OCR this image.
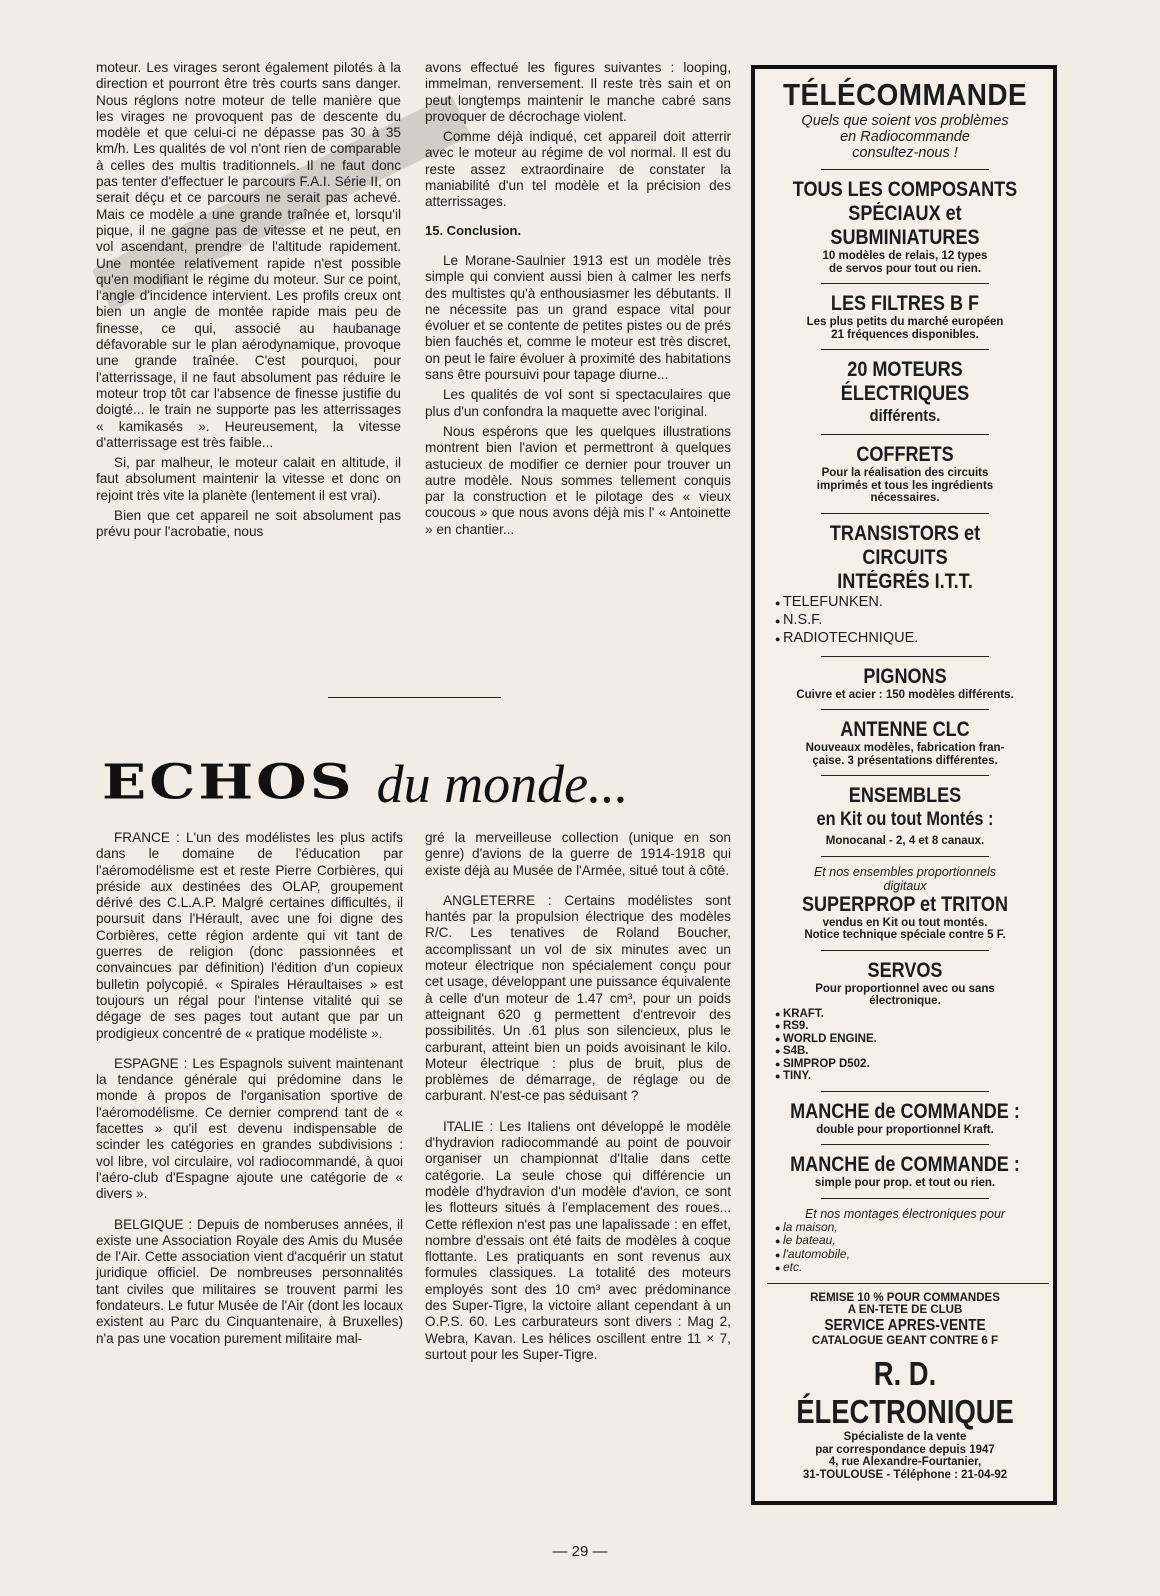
moteur. Les virages seront également pilotés à la direction et pourront être très courts sans danger. Nous réglons notre moteur de telle manière que les virages ne provoquent pas de descente du modèle et que celui-ci ne dépasse pas 30 à 35 km/h. Les qualités de vol n'ont rien de comparable à celles des multis traditionnels. Il ne faut donc pas tenter d'effectuer le parcours F.A.I. Série II, on serait déçu et ce parcours ne serait pas achevé. Mais ce modèle a une grande traînée et, lorsqu'il pique, il ne gagne pas de vitesse et ne peut, en vol ascendant, prendre de l'altitude rapidement. Une montée relativement rapide n'est possible qu'en modifiant le régime du moteur. Sur ce point, l'angle d'incidence intervient. Les profils creux ont bien un angle de montée rapide mais peu de finesse, ce qui, associé au haubanage défavorable sur le plan aérodynamique, provoque une grande traînée. C'est pourquoi, pour l'atterrissage, il ne faut absolument pas réduire le moteur trop tôt car l'absence de finesse justifie du doigté... le train ne supporte pas les atterrissages « kamikasés ». Heureusement, la vitesse d'atterrissage est très faible...

Si, par malheur, le moteur calait en altitude, il faut absolument maintenir la vitesse et donc on rejoint très vite la planète (lentement il est vrai).

Bien que cet appareil ne soit absolument pas prévu pour l'acrobatie, nous

avons effectué les figures suivantes : looping, immelman, renversement. Il reste très sain et on peut longtemps maintenir le manche cabré sans provoquer de décrochage violent.

Comme déjà indiqué, cet appareil doit atterrir avec le moteur au régime de vol normal. Il est du reste assez extraordinaire de constater la maniabilité d'un tel modèle et la précision des atterrissages.

15. Conclusion.

Le Morane-Saulnier 1913 est un modèle très simple qui convient aussi bien à calmer les nerfs des multistes qu'à enthousiasmer les débutants. Il ne nécessite pas un grand espace vital pour évoluer et se contente de petites pistes ou de prés bien fauchés et, comme le moteur est très discret, on peut le faire évoluer à proximité des habitations sans être poursuivi pour tapage diurne...

Les qualités de vol sont si spectaculaires que plus d'un confondra la maquette avec l'original.

Nous espérons que les quelques illustrations montrent bien l'avion et permettront à quelques astucieux de modifier ce dernier pour trouver un autre modèle. Nous sommes tellement conquis par la construction et le pilotage des « vieux coucous » que nous avons déjà mis l' « Antoinette » en chantier...

ECHOS du monde...

FRANCE : L'un des modélistes les plus actifs dans le domaine de l'éducation par l'aéromodélisme est et reste Pierre Corbières, qui préside aux destinées des OLAP, groupement dérivé des C.L.A.P. Malgré certaines difficultés, il poursuit dans l'Hérault, avec une foi digne des Corbières, cette région ardente qui vit tant de guerres de religion (donc passionnées et convaincues par définition) l'édition d'un copieux bulletin polycopié. « Spirales Héraultaises » est toujours un régal pour l'intense vitalité qui se dégage de ses pages tout autant que par un prodigieux concentré de « pratique modéliste ».

ESPAGNE : Les Espagnols suivent maintenant la tendance générale qui prédomine dans le monde à propos de l'organisation sportive de l'aéromodélisme. Ce dernier comprend tant de « facettes » qu'il est devenu indispensable de scinder les catégories en grandes subdivisions : vol libre, vol circulaire, vol radiocommandé, à quoi l'aéro-club d'Espagne ajoute une catégorie de « divers ».

BELGIQUE : Depuis de nomberuses années, il existe une Association Royale des Amis du Musée de l'Air. Cette association vient d'acquérir un statut juridique officiel. De nombreuses personnalités tant civiles que militaires se trouvent parmi les fondateurs. Le futur Musée de l'Air (dont les locaux existent au Parc du Cinquantenaire, à Bruxelles) n'a pas une vocation purement militaire mal-

gré la merveilleuse collection (unique en son genre) d'avions de la guerre de 1914-1918 qui existe déjà au Musée de l'Armée, situé tout à côté.

ANGLETERRE : Certains modélistes sont hantés par la propulsion électrique des modèles R/C. Les tenatives de Roland Boucher, accomplissant un vol de six minutes avec un moteur électrique non spécialement conçu pour cet usage, développant une puissance équivalente à celle d'un moteur de 1.47 cm³, pour un poids atteignant 620 g permettent d'entrevoir des possibilités. Un .61 plus son silencieux, plus le carburant, atteint bien un poids avoisinant le kilo. Moteur électrique : plus de bruit, plus de problèmes de démarrage, de réglage ou de carburant. N'est-ce pas séduisant ?

ITALIE : Les Italiens ont développé le modèle d'hydravion radiocommandé au point de pouvoir organiser un championnat d'Italie dans cette catégorie. La seule chose qui différencie un modèle d'hydravion d'un modèle d'avion, ce sont les flotteurs situés à l'emplacement des roues... Cette réflexion n'est pas une lapalissade : en effet, nombre d'essais ont été faits de modèles à coque flottante. Les pratiquants en sont revenus aux formules classiques. La totalité des moteurs employés sont des 10 cm³ avec prédominance des Super-Tigre, la victoire allant cependant à un O.P.S. 60. Les carburateurs sont divers : Mag 2, Webra, Kavan. Les hélices oscillent entre 11 × 7, surtout pour les Super-Tigre.

TÉLÉCOMMANDE
Quels que soient vos problèmes
en Radiocommande
consultez-nous !
TOUS LES COMPOSANTS
SPÉCIAUX et SUBMINIATURES
10 modèles de relais, 12 types
de servos pour tout ou rien.
LES FILTRES B F
Les plus petits du marché européen
21 fréquences disponibles.
20 MOTEURS ÉLECTRIQUES
différents.
COFFRETS
Pour la réalisation des circuits
imprimés et tous les ingrédients
nécessaires.
TRANSISTORS et CIRCUITS
INTÉGRÉS I.T.T.
● TELEFUNKEN.
● N.S.F.
● RADIOTECHNIQUE.
PIGNONS
Cuivre et acier : 150 modèles différents.
ANTENNE CLC
Nouveaux modèles, fabrication fran-
çaise. 3 présentations différentes.
ENSEMBLES
en Kit ou tout Montés :
Monocanal - 2, 4 et 8 canaux.
Et nos ensembles proportionnels
digitaux
SUPERPROP et TRITON
vendus en Kit ou tout montés.
Notice technique spéciale contre 5 F.
SERVOS
Pour proportionnel avec ou sans
électronique.
● KRAFT.
● RS9.
● WORLD ENGINE.
● S4B.
● SIMPROP D502.
● TINY.
MANCHE de COMMANDE :
double pour proportionnel Kraft.
MANCHE de COMMANDE :
simple pour prop. et tout ou rien.
Et nos montages électroniques pour
● la maison,
● le bateau,
● l'automobile,
● etc.
REMISE 10 % POUR COMMANDES
A EN-TETE DE CLUB
SERVICE APRES-VENTE
CATALOGUE GEANT CONTRE 6 F
R. D. ÉLECTRONIQUE
Spécialiste de la vente
par correspondance depuis 1947
4, rue Alexandre-Fourtanier,
31-TOULOUSE - Téléphone : 21-04-92
— 29 —
